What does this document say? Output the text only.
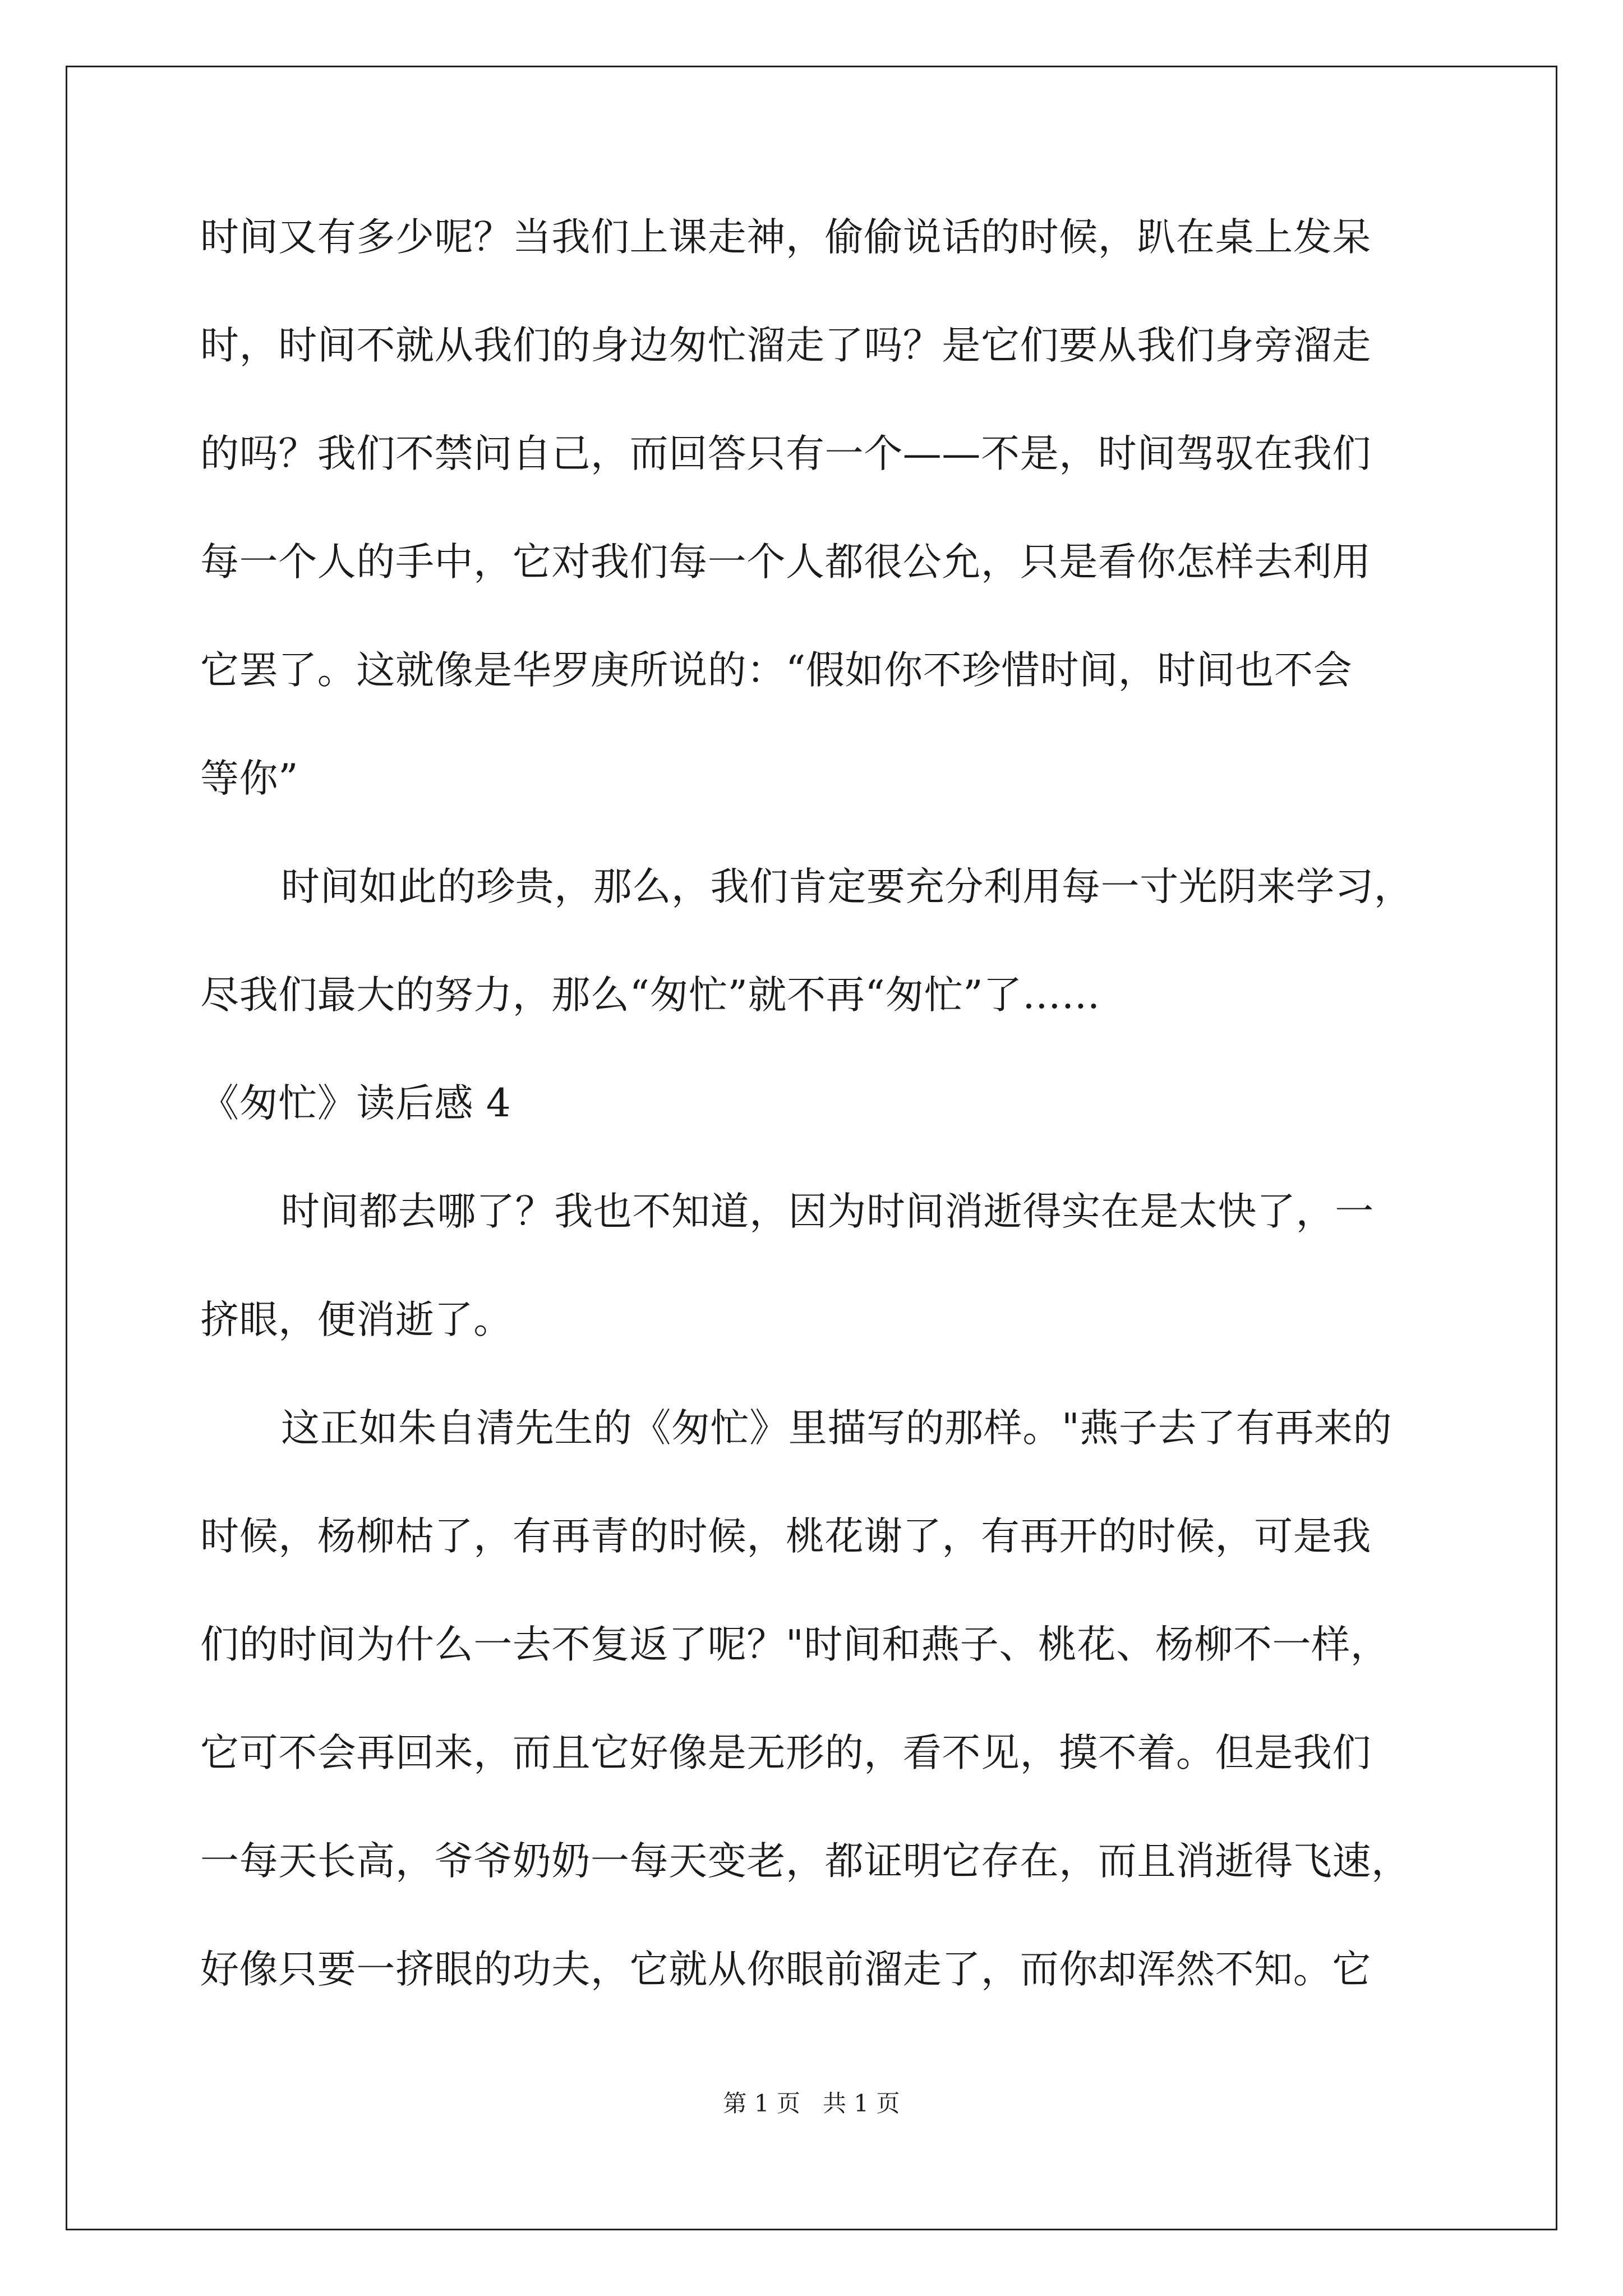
时间又有多少呢？当我们上课走神，偷偷说话的时候，趴在桌上发呆
时，时间不就从我们的身边匆忙溜走了吗？是它们要从我们身旁溜走
的吗？我们不禁问自己，而回答只有一个——不是，时间驾驭在我们
每一个人的手中，它对我们每一个人都很公允，只是看你怎样去利用
它罢了。这就像是华罗庚所说的：“假如你不珍惜时间，时间也不会
等你”
时间如此的珍贵，那么，我们肯定要充分利用每一寸光阴来学习，
尽我们最大的努力，那么“匆忙”就不再“匆忙”了……
《匆忙》读后感 4
时间都去哪了？我也不知道，因为时间消逝得实在是太快了，一
挤眼，便消逝了。
这正如朱自清先生的《匆忙》里描写的那样。"燕子去了有再来的
时候，杨柳枯了，有再青的时候，桃花谢了，有再开的时候，可是我
们的时间为什么一去不复返了呢？"时间和燕子、桃花、杨柳不一样，
它可不会再回来，而且它好像是无形的，看不见，摸不着。但是我们
一每天长高，爷爷奶奶一每天变老，都证明它存在，而且消逝得飞速，
好像只要一挤眼的功夫，它就从你眼前溜走了，而你却浑然不知。它
第 1 页   共 1 页
